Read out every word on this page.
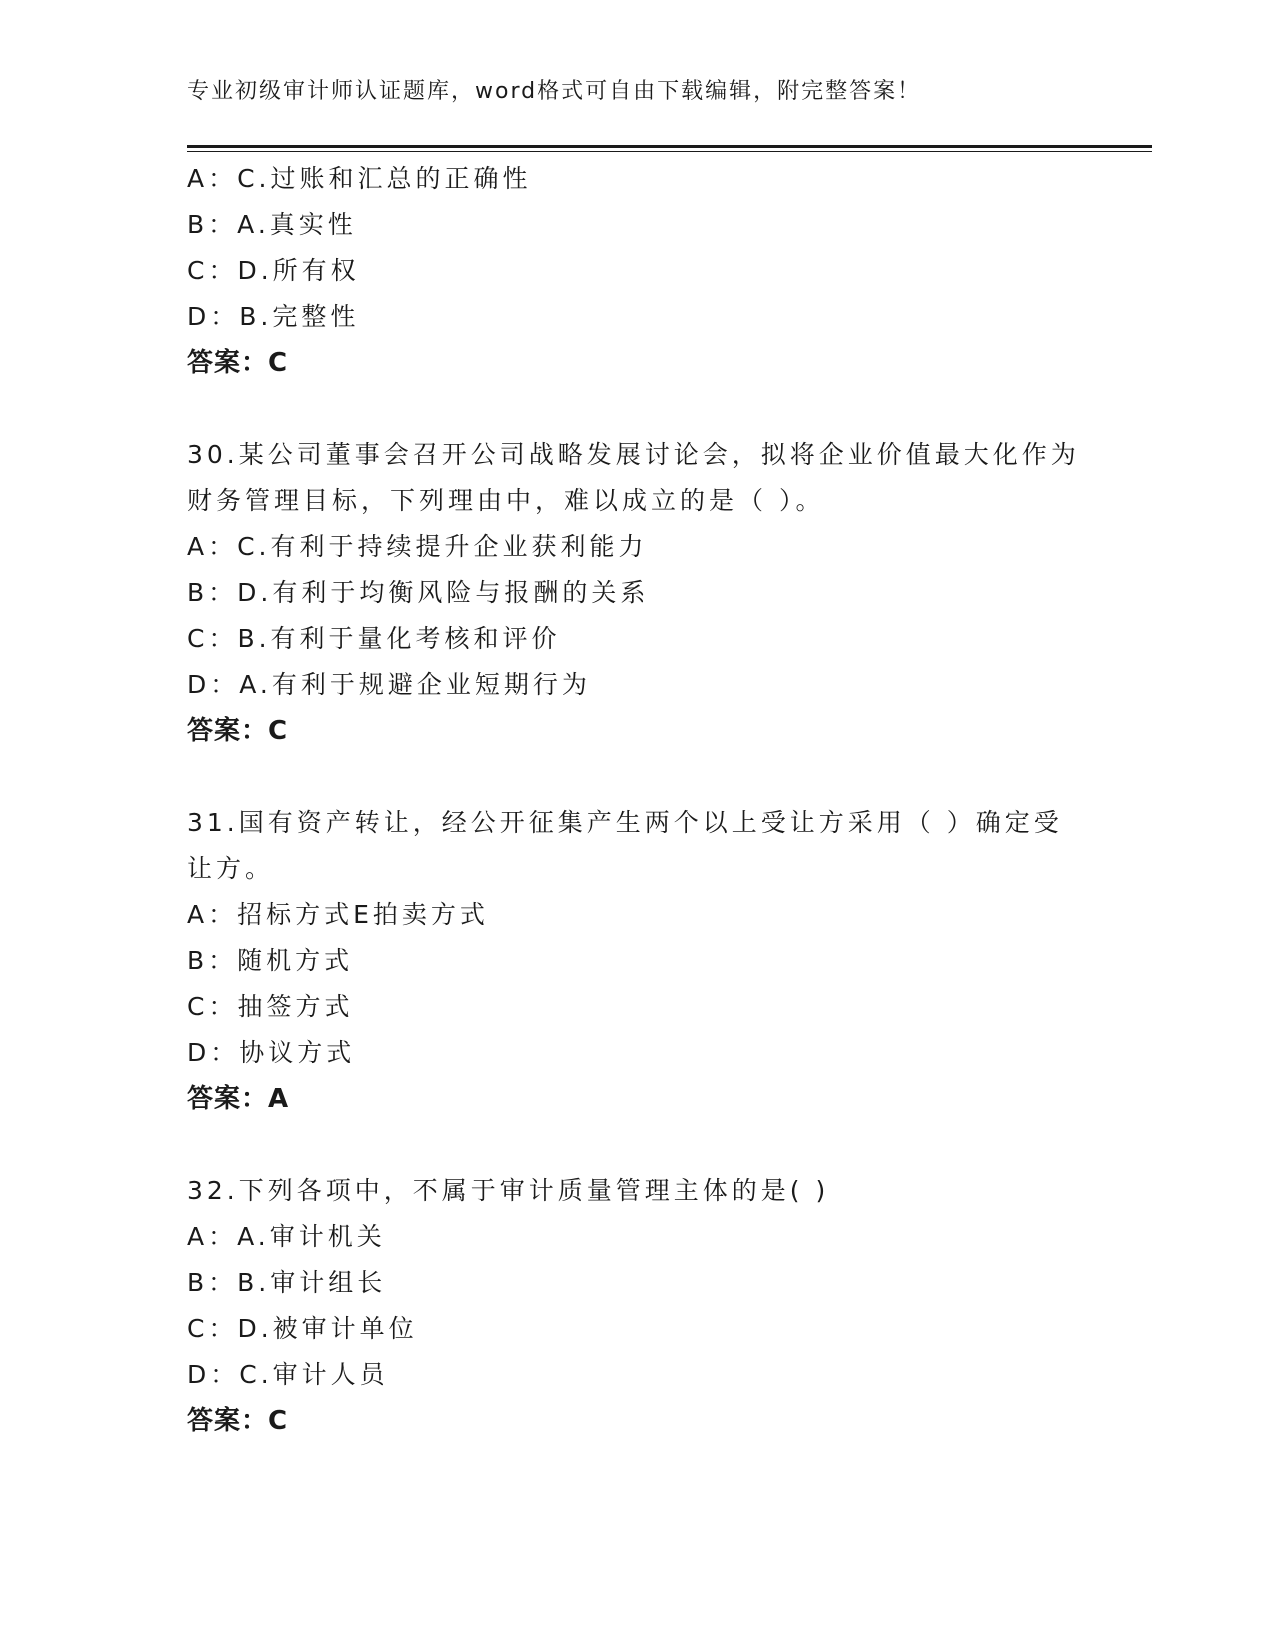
专业初级审计师认证题库，word格式可自由下载编辑，附完整答案！
A：C.过账和汇总的正确性
B：A.真实性
C：D.所有权
D：B.完整性
答案：C
30.某公司董事会召开公司战略发展讨论会，拟将企业价值最大化作为
财务管理目标，下列理由中，难以成立的是（ ）。
A：C.有利于持续提升企业获利能力
B：D.有利于均衡风险与报酬的关系
C：B.有利于量化考核和评价
D：A.有利于规避企业短期行为
答案：C
31.国有资产转让，经公开征集产生两个以上受让方采用（ ）确定受
让方。
A：招标方式E拍卖方式
B：随机方式
C：抽签方式
D：协议方式
答案：A
32.下列各项中，不属于审计质量管理主体的是( )
A：A.审计机关
B：B.审计组长
C：D.被审计单位
D：C.审计人员
答案：C
